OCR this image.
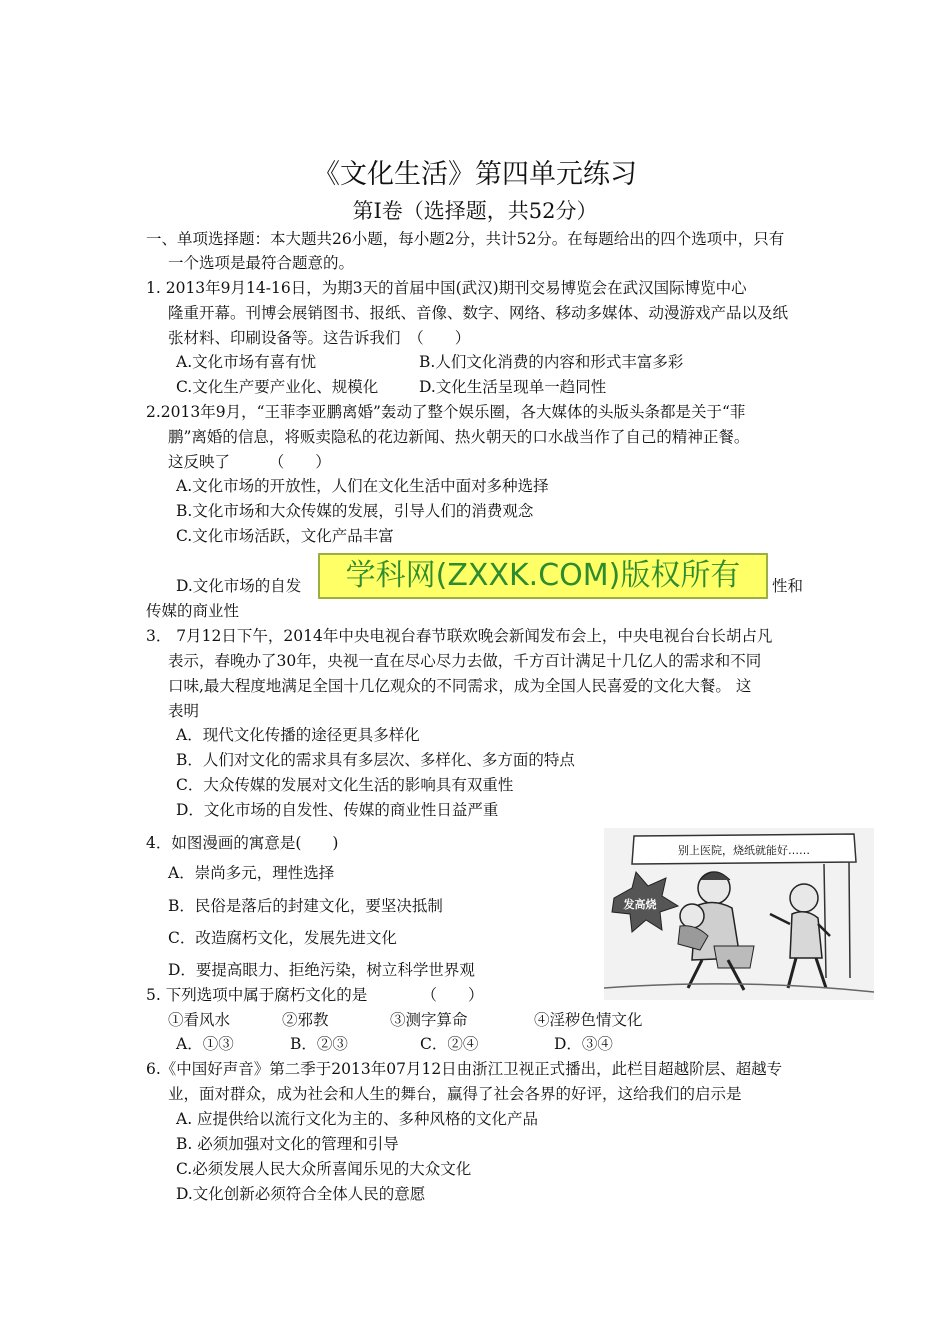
《文化生活》第四单元练习
第Ⅰ卷（选择题，共52分）
一、单项选择题：本大题共26小题，每小题2分，共计52分。在每题给出的四个选项中，只有
一个选项是最符合题意的。
1. 2013年9月14-16日，为期3天的首届中国(武汉)期刊交易博览会在武汉国际博览中心
隆重开幕。刊博会展销图书、报纸、音像、数字、网络、移动多媒体、动漫游戏产品以及纸
张材料、印刷设备等。这告诉我们　（　　）
A.文化市场有喜有忧	B.人们文化消费的内容和形式丰富多彩
C.文化生产要产业化、规模化	D.文化生活呈现单一趋同性
2.2013年9月，“王菲李亚鹏离婚”轰动了整个娱乐圈，各大媒体的头版头条都是关于“菲
鹏”离婚的信息，将贩卖隐私的花边新闻、热火朝天的口水战当作了自己的精神正餐。
这反映了　　　（　　）
A.文化市场的开放性，人们在文化生活中面对多种选择
B.文化市场和大众传媒的发展，引导人们的消费观念
C.文化市场活跃，文化产品丰富
D.文化市场的自发	性和
传媒的商业性
学科网(ZXXK.COM)版权所有
3． 7月12日下午，2014年中央电视台春节联欢晚会新闻发布会上，中央电视台台长胡占凡
表示，春晚办了30年，央视一直在尽心尽力去做，千方百计满足十几亿人的需求和不同
口味,最大程度地满足全国十几亿观众的不同需求，成为全国人民喜爱的文化大餐。 这
表明
A．现代文化传播的途径更具多样化
B．人们对文化的需求具有多层次、多样化、多方面的特点
C．大众传媒的发展对文化生活的影响具有双重性
D．文化市场的自发性、传媒的商业性日益严重
4．如图漫画的寓意是(　　)
A．崇尚多元，理性选择
B．民俗是落后的封建文化，要坚决抵制
C．改造腐朽文化，发展先进文化
D．要提高眼力、拒绝污染，树立科学世界观
别上医院，烧纸就能好……
发高烧
5. 下列选项中属于腐朽文化的是　　　　（　　）
①看风水	②邪教	③测字算命	④淫秽色情文化
A．①③	B．②③	C．②④	D．③④
6.《中国好声音》第二季于2013年07月12日由浙江卫视正式播出，此栏目超越阶层、超越专
业，面对群众，成为社会和人生的舞台，赢得了社会各界的好评，这给我们的启示是
A. 应提供给以流行文化为主的、多种风格的文化产品
B. 必须加强对文化的管理和引导
C.必须发展人民大众所喜闻乐见的大众文化
D.文化创新必须符合全体人民的意愿
